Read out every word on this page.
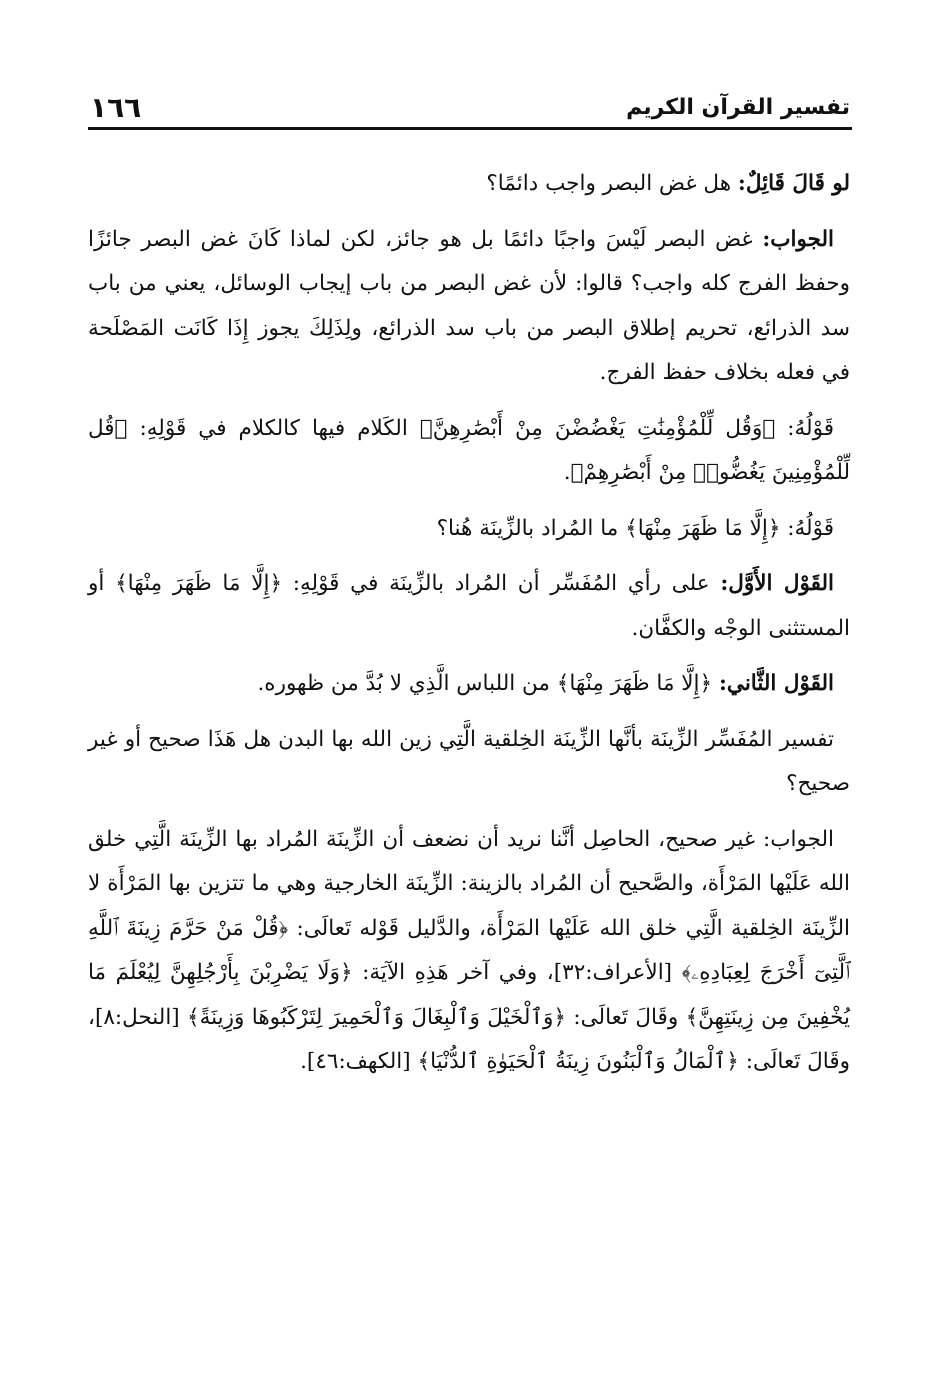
١٦٦	تفسير القرآن الكريم

لو قَالَ قَائِلٌ: هل غض البصر واجب دائمًا؟

الجواب: غض البصر لَيْسَ واجبًا دائمًا بل هو جائز، لكن لماذا كَانَ غض البصر جائزًا وحفظ الفرج كله واجب؟ قالوا: لأن غض البصر من باب إيجاب الوسائل، يعني من باب سد الذرائع، تحريم إطلاق البصر من باب سد الذرائع، ولِذَلِكَ يجوز إِذَا كَانَت المَصْلَحة في فعله بخلاف حفظ الفرج.

قَوْلُهُ: ﴿وَقُل لِّلْمُؤْمِنَٰتِ يَغْضُضْنَ مِنْ أَبْصَٰرِهِنَّ﴾ الكَلام فيها كالكلام في قَوْلِهِ: ﴿قُل لِّلْمُؤْمِنِينَ يَغُضُّوا۟ مِنْ أَبْصَٰرِهِمْ﴾.

قَوْلُهُ: ﴿إِلَّا مَا ظَهَرَ مِنْهَا﴾ ما المُراد بالزِّينَة هُنا؟

القَوْل الأَوَّل: على رأي المُفَسِّر أن المُراد بالزِّينَة في قَوْلِهِ: ﴿إِلَّا مَا ظَهَرَ مِنْهَا﴾ أو المستثنى الوجْه والكفَّان.

القَوْل الثَّاني: ﴿إِلَّا مَا ظَهَرَ مِنْهَا﴾ من اللباس الَّذِي لا بُدَّ من ظهوره.

تفسير المُفَسِّر الزِّينَة بأنَّها الزِّينَة الخِلقية الَّتِي زين الله بها البدن هل هَذَا صحيح أو غير صحيح؟

الجواب: غير صحيح، الحاصِل أنَّنا نريد أن نضعف أن الزِّينَة المُراد بها الزِّينَة الَّتِي خلق الله عَلَيْها المَرْأَة، والصَّحيح أن المُراد بالزينة: الزِّينَة الخارجية وهي ما تتزين بها المَرْأَة لا الزِّينَة الخِلقية الَّتِي خلق الله عَلَيْها المَرْأَة، والدَّليل قَوْله تَعالَى: ﴿قُلْ مَنْ حَرَّمَ زِينَةَ ٱللَّهِ ٱلَّتِىٓ أَخْرَجَ لِعِبَادِهِۦ﴾ [الأعراف:٣٢]، وفي آخر هَذِهِ الآيَة: ﴿وَلَا يَضْرِبْنَ بِأَرْجُلِهِنَّ لِيُعْلَمَ مَا يُخْفِينَ مِن زِينَتِهِنَّ﴾ وقَالَ تَعالَى: ﴿وَٱلْخَيْلَ وَٱلْبِغَالَ وَٱلْحَمِيرَ لِتَرْكَبُوهَا وَزِينَةً﴾ [النحل:٨]، وقَالَ تَعالَى: ﴿ٱلْمَالُ وَٱلْبَنُونَ زِينَةُ ٱلْحَيَوٰةِ ٱلدُّنْيَا﴾ [الكهف:٤٦].
